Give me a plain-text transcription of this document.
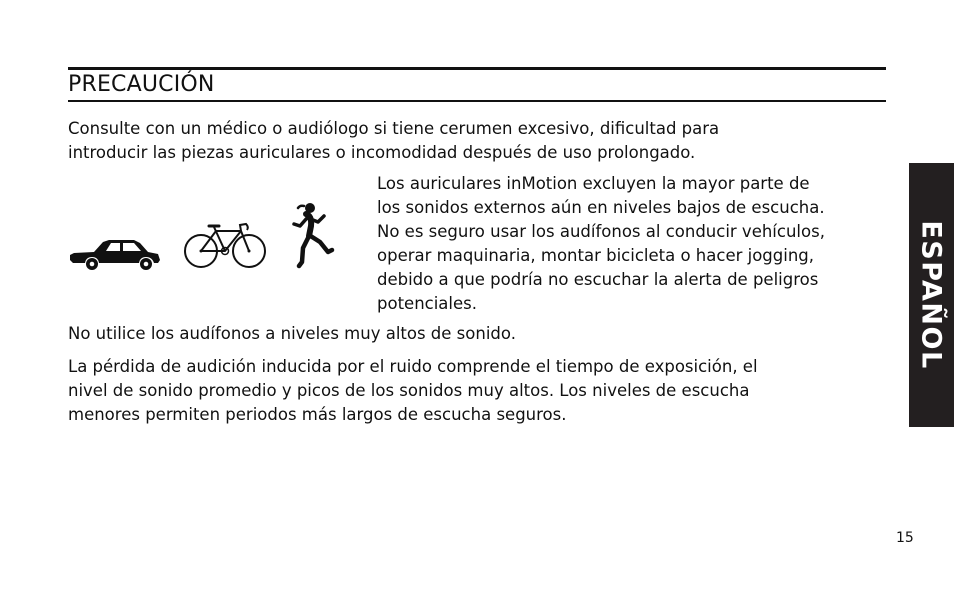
PRECAUCIÓN

Consulte con un médico o audiólogo si tiene cerumen excesivo, dificultad para
introducir las piezas auriculares o incomodidad después de uso prolongado.

Los auriculares inMotion excluyen la mayor parte de
los sonidos externos aún en niveles bajos de escucha.
No es seguro usar los audífonos al conducir vehículos,
operar maquinaria, montar bicicleta o hacer jogging,
debido a que podría no escuchar la alerta de peligros
potenciales.

No utilice los audífonos a niveles muy altos de sonido.

La pérdida de audición inducida por el ruido comprende el tiempo de exposición, el
nivel de sonido promedio y picos de los sonidos muy altos. Los niveles de escucha
menores permiten periodos más largos de escucha seguros.

ESPAÑOL
15
